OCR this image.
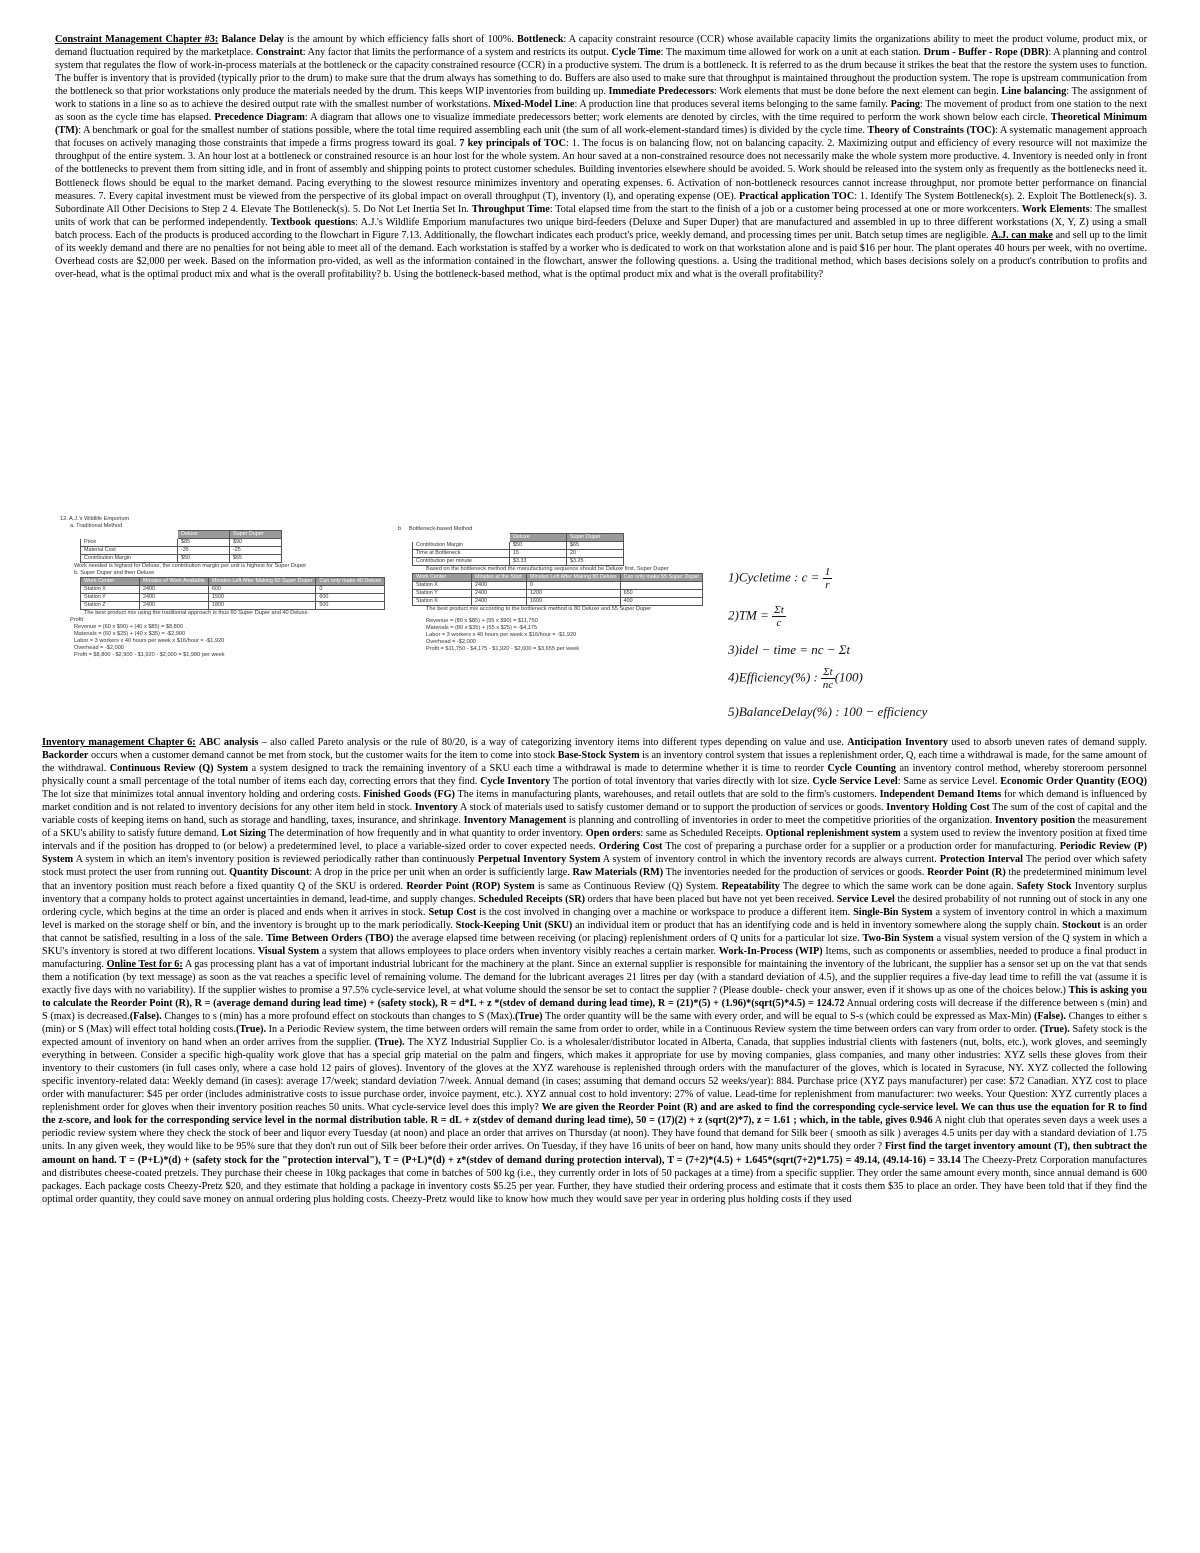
Constraint Management Chapter #3: Balance Delay is the amount by which efficiency falls short of 100%. Bottleneck: A capacity constraint resource (CCR) whose available capacity limits the organizations ability to meet the product volume, product mix, or demand fluctuation required by the marketplace. Constraint: Any factor that limits the performance of a system and restricts its output. Cycle Time: The maximum time allowed for work on a unit at each station. Drum - Buffer - Rope (DBR): A planning and control system that regulates the flow of work-in-process materials at the bottleneck or the capacity constrained resource (CCR) in a productive system. The drum is a bottleneck. It is referred to as the drum because it strikes the beat that the restore the system uses to function. The buffer is inventory that is provided (typically prior to the drum) to make sure that the drum always has something to do. Buffers are also used to make sure that throughput is maintained throughout the production system. The rope is upstream communication from the bottleneck so that prior workstations only produce the materials needed by the drum. This keeps WIP inventories from building up. Immediate Predecessors: Work elements that must be done before the next element can begin. Line balancing: The assignment of work to stations in a line so as to achieve the desired output rate with the smallest number of workstations. Mixed-Model Line: A production line that produces several items belonging to the same family. Pacing: The movement of product from one station to the next as soon as the cycle time has elapsed. Precedence Diagram: A diagram that allows one to visualize immediate predecessors better; work elements are denoted by circles, with the time required to perform the work shown below each circle. Theoretical Minimum (TM): A benchmark or goal for the smallest number of stations possible, where the total time required assembling each unit (the sum of all work-element-standard times) is divided by the cycle time. Theory of Constraints (TOC): A systematic management approach that focuses on actively managing those constraints that impede a firms progress toward its goal. 7 key principals of TOC: 1. The focus is on balancing flow, not on balancing capacity. 2. Maximizing output and efficiency of every resource will not maximize the throughput of the entire system. 3. An hour lost at a bottleneck or constrained resource is an hour lost for the whole system. An hour saved at a non-constrained resource does not necessarily make the whole system more productive. 4. Inventory is needed only in front of the bottlenecks to prevent them from sitting idle, and in front of assembly and shipping points to protect customer schedules. Building inventories elsewhere should be avoided. 5. Work should be released into the system only as frequently as the bottlenecks need it. Bottleneck flows should be equal to the market demand. Pacing everything to the slowest resource minimizes inventory and operating expenses. 6. Activation of non-bottleneck resources cannot increase throughput, nor promote better performance on financial measures. 7. Every capital investment must be viewed from the perspective of its global impact on overall throughput (T), inventory (I), and operating expense (OE). Practical application TOC: 1. Identify The System Bottleneck(s). 2. Exploit The Bottleneck(s). 3. Subordinate All Other Decisions to Step 2 4. Elevate The Bottleneck(s). 5. Do Not Let Inertia Set In. Throughput Time: Total elapsed time from the start to the finish of a job or a customer being processed at one or more workcenters. Work Elements: The smallest units of work that can be performed independently. Textbook questions: A.J.'s Wildlife Emporium manufactures two unique bird-feeders (Deluxe and Super Duper) that are manufactured and assembled in up to three different workstations (X, Y, Z) using a small batch process. Each of the products is produced according to the flowchart in Figure 7.13. Additionally, the flowchart indicates each product's price, weekly demand, and processing times per unit. Batch setup times are negligible. A.J. can make and sell up to the limit of its weekly demand and there are no penalties for not being able to meet all of the demand. Each workstation is staffed by a worker who is dedicated to work on that workstation alone and is paid $16 per hour. The plant operates 40 hours per week, with no overtime. Overhead costs are $2,000 per week. Based on the information pro-vided, as well as the information contained in the flowchart, answer the following questions. a. Using the traditional method, which bases decisions solely on a product's contribution to profits and over-head, what is the optimal product mix and what is the overall profitability? b. Using the bottleneck-based method, what is the optimal product mix and what is the overall profitability?
12. A.J.'s Wildlife Emporium
a. Traditional Method
	Deluxe	Super Duper
Price	$85	$90
Material Cost	-35	-25
Contribution Margin	$50	$65
Work needed is highest for Deluxe, the contribution margin per unit is highest for Super Duper
b. Super Duper and then Deluxe
Work Center	Minutes of Work Available	Minutes Left After Making 60 Super Duper	Can only make 40 Deluxe
Station X	2400	600	0
Station Y	2400	1500	600
Station Z	2400	1800	500
The best product mix using the traditional approach is thus 60 Super Duper and 40 Deluxe.
Profit
Revenue = (60 x $90) + (40 x $85) = $8,800
Materials = (60 x $25) + (40 x $35) = -$2,900
Labor = 3 workers x 40 hours per week x $16/hour = -$1,920
Overhead = -$2,000
Profit = $8,800 - $2,900 - $1,920 - $2,000 = $1,980 per week
b Bottleneck-based Method
	Deluxe	Super Duper
Contribution Margin	$50	$65
Time at Bottleneck	15	20
Contribution per minute	$3.33	$3.25
Based on the bottleneck method the manufacturing sequence should be Deluxe first, Super Duper
Work Center	Minutes at the Start	Minutes Left After Making 80 Deluxe	Can only make 55 Super Duper
Station X	2400	0	
Station Y	2400	1200	650
Station X	2400	1600	400
The best product mix according to the bottleneck method is 80 Deluxe and 55 Super Duper
Revenue = (80 x $85) + (55 x $90) = $11,750
Materials = (80 x $35) + (55 x $25) = -$4,175
Labor = 3 workers x 40 hours per week x $16/hour = -$1,920
Overhead = -$2,000
Profit = $11,750 - $4,175 - $1,920 - $2,000 = $3,655 per week
1)Cycletime : $c = \frac{1}{r}$
$2)TM = \frac{\Sigma t}{c}$
3)idel − time = nc − Σt
4)Efficiency(%) : $\frac{\Sigma t}{nc}(100)$
5)BalanceDelay(%) : 100 − efficiency
Inventory management Chapter 6: ABC analysis – also called Pareto analysis or the rule of 80/20, is a way of categorizing inventory items into different types depending on value and use. Anticipation Inventory used to absorb uneven rates of demand supply. Backorder occurs when a customer demand cannot be met from stock, but the customer waits for the item to come into stock Base-Stock System is an inventory control system that issues a replenishment order, Q, each time a withdrawal is made, for the same amount of the withdrawal. Continuous Review (Q) System a system designed to track the remaining inventory of a SKU each time a withdrawal is made to determine whether it is time to reorder Cycle Counting an inventory control method, whereby storeroom personnel physically count a small percentage of the total number of items each day, correcting errors that they find. Cycle Inventory The portion of total inventory that varies directly with lot size. Cycle Service Level: Same as service Level. Economic Order Quantity (EOQ) The lot size that minimizes total annual inventory holding and ordering costs. Finished Goods (FG) The items in manufacturing plants, warehouses, and retail outlets that are sold to the firm's customers. Independent Demand Items for which demand is influenced by market condition and is not related to inventory decisions for any other item held in stock. Inventory A stock of materials used to satisfy customer demand or to support the production of services or goods. Inventory Holding Cost The sum of the cost of capital and the variable costs of keeping items on hand, such as storage and handling, taxes, insurance, and shrinkage. Inventory Management is planning and controlling of inventories in order to meet the competitive priorities of the organization. Inventory position the measurement of a SKU's ability to satisfy future demand. Lot Sizing The determination of how frequently and in what quantity to order inventory. Open orders: same as Scheduled Receipts. Optional replenishment system a system used to review the inventory position at fixed time intervals and if the position has dropped to (or below) a predetermined level, to place a variable-sized order to cover expected needs. Ordering Cost The cost of preparing a purchase order for a supplier or a production order for manufacturing. Periodic Review (P) System A system in which an item's inventory position is reviewed periodically rather than continuously Perpetual Inventory System A system of inventory control in which the inventory records are always current. Protection Interval The period over which safety stock must protect the user from running out. Quantity Discount: A drop in the price per unit when an order is sufficiently large. Raw Materials (RM) The inventories needed for the production of services or goods. Reorder Point (R) the predetermined minimum level that an inventory position must reach before a fixed quantity Q of the SKU is ordered. Reorder Point (ROP) System is same as Continuous Review (Q) System. Repeatability The degree to which the same work can be done again. Safety Stock Inventory surplus inventory that a company holds to protect against uncertainties in demand, lead-time, and supply changes. Scheduled Receipts (SR) orders that have been placed but have not yet been received. Service Level the desired probability of not running out of stock in any one ordering cycle, which begins at the time an order is placed and ends when it arrives in stock. Setup Cost is the cost involved in changing over a machine or workspace to produce a different item. Single-Bin System a system of inventory control in which a maximum level is marked on the storage shelf or bin, and the inventory is brought up to the mark periodically. Stock-Keeping Unit (SKU) an individual item or product that has an identifying code and is held in inventory somewhere along the supply chain. Stockout is an order that cannot be satisfied, resulting in a loss of the sale. Time Between Orders (TBO) the average elapsed time between receiving (or placing) replenishment orders of Q units for a particular lot size. Two-Bin System a visual system version of the Q system in which a SKU's inventory is stored at two different locations. Visual System a system that allows employees to place orders when inventory visibly reaches a certain marker. Work-In-Process (WIP) Items, such as components or assemblies, needed to produce a final product in manufacturing. Online Test for 6: A gas processing plant has a vat of important industrial lubricant for the machinery at the plant. Since an external supplier is responsible for maintaining the inventory of the lubricant, the supplier has a sensor set up on the vat that sends them a notification (by text message) as soon as the vat reaches a specific level of remaining volume. The demand for the lubricant averages 21 litres per day (with a standard deviation of 4.5), and the supplier requires a five-day lead time to refill the vat (assume it is exactly five days with no variability). If the supplier wishes to promise a 97.5% cycle-service level, at what volume should the sensor be set to contact the supplier ? (Please double- check your answer, even if it shows up as one of the choices below.) This is asking you to calculate the Reorder Point (R), R = (average demand during lead time) + (safety stock), R = d*L + z *(stdev of demand during lead time), R = (21)*(5) + (1.96)*(sqrt(5)*4.5) = 124.72 Annual ordering costs will decrease if the difference between s (min) and S (max) is decreased.(False). Changes to s (min) has a more profound effect on stockouts than changes to S (Max).(True) The order quantity will be the same with every order, and will be equal to S-s (which could be expressed as Max-Min) (False). Changes to either s (min) or S (Max) will effect total holding costs.(True). In a Periodic Review system, the time between orders will remain the same from order to order, while in a Continuous Review system the time between orders can vary from order to order. (True). Safety stock is the expected amount of inventory on hand when an order arrives from the supplier. (True). The XYZ Industrial Supplier Co. is a wholesaler/distributor located in Alberta, Canada, that supplies industrial clients with fasteners (nut, bolts, etc.), work gloves, and seemingly everything in between. Consider a specific high-quality work glove that has a special grip material on the palm and fingers, which makes it appropriate for use by moving companies, glass companies, and many other industries: XYZ sells these gloves from their inventory to their customers (in full cases only, where a case hold 12 pairs of gloves). Inventory of the gloves at the XYZ warehouse is replenished through orders with the manufacturer of the gloves, which is located in Syracuse, NY. XYZ collected the following specific inventory-related data: Weekly demand (in cases): average 17/week; standard deviation 7/week. Annual demand (in cases; assuming that demand occurs 52 weeks/year): 884. Purchase price (XYZ pays manufacturer) per case: $72 Canadian. XYZ cost to place order with manufacturer: $45 per order (includes administrative costs to issue purchase order, invoice payment, etc.). XYZ annual cost to hold inventory: 27% of value. Lead-time for replenishment from manufacturer: two weeks. Your Question: XYZ currently places a replenishment order for gloves when their inventory position reaches 50 units. What cycle-service level does this imply? We are given the Reorder Point (R) and are asked to find the corresponding cycle-service level. We can thus use the equation for R to find the z-score, and look for the corresponding service level in the normal distribution table. R = dL + z(stdev of demand during lead time), 50 = (17)(2) + z (sqrt(2)*7), z = 1.61 ; which, in the table, gives 0.946 A night club that operates seven days a week uses a periodic review system where they check the stock of beer and liquor every Tuesday (at noon) and place an order that arrives on Thursday (at noon). They have found that demand for Silk beer ( smooth as silk ) averages 4.5 units per day with a standard deviation of 1.75 units. In any given week, they would like to be 95% sure that they don't run out of Silk beer before their order arrives. On Tuesday, if they have 16 units of beer on hand, how many units should they order ? First find the target inventory amount (T), then subtract the amount on hand. T = (P+L)*(d) + (safety stock for the "protection interval"), T = (P+L)*(d) + z*(stdev of demand during protection interval), T = (7+2)*(4.5) + 1.645*(sqrt(7+2)*1.75) = 49.14, (49.14-16) = 33.14 The Cheezy-Pretz Corporation manufactures and distributes cheese-coated pretzels. They purchase their cheese in 10kg packages that come in batches of 500 kg (i.e., they currently order in lots of 50 packages at a time) from a specific supplier. They order the same amount every month, since annual demand is 600 packages. Each package costs Cheezy-Pretz $20, and they estimate that holding a package in inventory costs $5.25 per year. Further, they have studied their ordering process and estimate that it costs them $35 to place an order. They have been told that if they find the optimal order quantity, they could save money on annual ordering plus holding costs. Cheezy-Pretz would like to know how much they would save per year in ordering plus holding costs if they used
